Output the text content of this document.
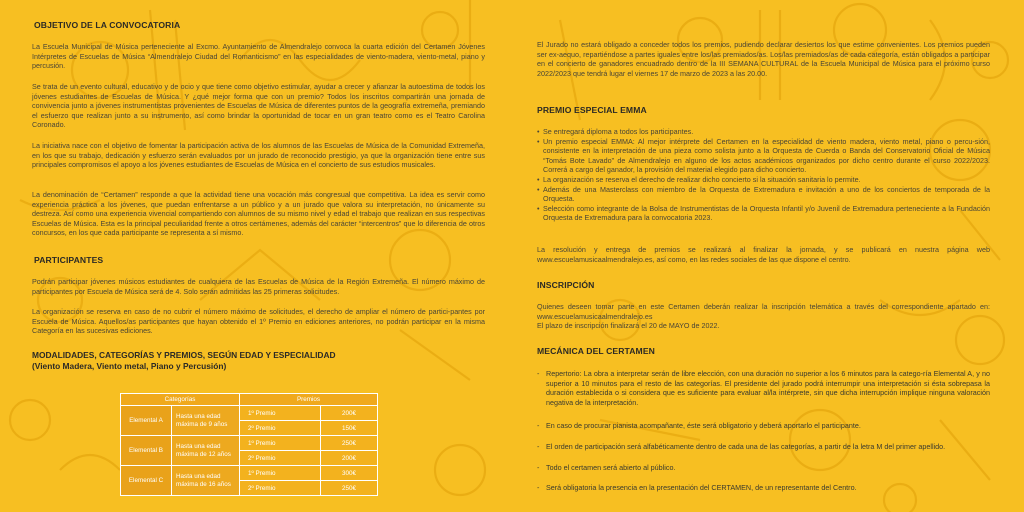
OBJETIVO DE LA CONVOCATORIA
La Escuela Municipal de Música perteneciente al Excmo. Ayuntamiento de Almendralejo convoca la cuarta edición del Certamen Jóvenes Intérpretes de Escuelas de Música “Almendralejo Ciudad del Romanticismo” en las especialidades de viento-madera, viento-metal, piano y percusión.
Se trata de un evento cultural, educativo y de ocio y que tiene como objetivo estimular, ayudar a crecer y afianzar la autoestima de todos los jóvenes estudiantes de Escuelas de Música. Y ¿qué mejor forma que con un premio? Todos los inscritos compartirán una jornada de convivencia junto a jóvenes instrumentistas provenientes de Escuelas de Música de diferentes puntos de la geografía extremeña, premiando el esfuerzo que realizan junto a su instrumento, así como brindar la oportunidad de tocar en un gran teatro como es el Teatro Carolina Coronado.
La iniciativa nace con el objetivo de fomentar la participación activa de los alumnos de las Escuelas de Música de la Comunidad Extremeña, en los que su trabajo, dedicación y esfuerzo serán evaluados por un jurado de reconocido prestigio, ya que la organización tiene entre sus principales compromisos el apoyo a los jóvenes estudiantes de Escuelas de Música en el concierto de sus estudios musicales.
La denominación de “Certamen” responde a que la actividad tiene una vocación más congresual que competitiva. La idea es servir como experiencia práctica a los jóvenes, que puedan enfrentarse a un público y a un jurado que valora su interpretación, no únicamente su destreza. Así como una experiencia vivencial compartiendo con alumnos de su mismo nivel y edad el trabajo que realizan en sus respectivas Escuelas de Música. Esta es la principal peculiaridad frente a otros certámenes, además del carácter “intercentros” que lo diferencia de otros concursos, en los que cada participante se representa a sí mismo.
PARTICIPANTES
Podrán participar jóvenes músicos estudiantes de cualquiera de las Escuelas de Música de la Región Extremeña. El número máximo de participantes por Escuela de Música será de 4. Solo serán admitidas las 25 primeras solicitudes.
La organización se reserva en caso de no cubrir el número máximo de solicitudes, el derecho de ampliar el número de partici-pantes por Escuela de Música. Aquellos/as participantes que hayan obtenido el 1º Premio en ediciones anteriores, no podrán participar en la misma Categoría en las sucesivas ediciones.
MODALIDADES, CATEGORÍAS Y PREMIOS, SEGÚN EDAD Y ESPECIALIDAD
(Viento Madera, Viento metal, Piano y Percusión)
Categorías		Premios	
Elemental A	Hasta una edad máxima de 9 años	1º Premio	200€
		2º Premio	150€
Elemental B	Hasta una edad máxima de 12 años	1º Premio	250€
		2º Premio	200€
Elemental C	Hasta una edad máxima de 16 años	1º Premio	300€
		2º Premio	250€
El Jurado no estará obligado a conceder todos los premios, pudiendo declarar desiertos los que estime convenientes. Los premios pueden ser ex-aequo, repartiéndose a partes iguales entre los/las premiados/as. Los/las premiados/as de cada categoría, están obligados a participar en el concierto de ganadores encuadrado dentro de la III SEMANA CULTURAL de la Escuela Municipal de Música para el próximo curso 2022/2023 que tendrá lugar el viernes 17 de marzo de 2023 a las 20.00.
PREMIO ESPECIAL EMMA
• Se entregará diploma a todos los participantes.
• Un premio especial EMMA: Al mejor intérprete del Certamen en la especialidad de viento madera, viento metal, piano o percu-sión, consistente en la interpretación de una pieza como solista junto a la Orquesta de Cuerda o Banda del Conservatorio Oficial de Música “Tomás Bote Lavado” de Almendralejo en alguno de los actos académicos organizados por dicho centro durante el curso 2022/2023. Correrá a cargo del ganador, la provisión del material elegido para dicho concierto.
• La organización se reserva el derecho de realizar dicho concierto si la situación sanitaria lo permite.
• Además de una Masterclass con miembro de la Orquesta de Extremadura e invitación a uno de los conciertos de temporada de la Orquesta.
• Selección como integrante de la Bolsa de Instrumentistas de la Orquesta Infantil y/o Juvenil de Extremadura perteneciente a la Fundación Orquesta de Extremadura para la convocatoria 2023.
La resolución y entrega de premios se realizará al finalizar la jornada, y se publicará en nuestra página web www.escuelamusicaalmendralejo.es, así como, en las redes sociales de las que dispone el centro.
INSCRIPCIÓN
Quienes deseen tomar parte en este Certamen deberán realizar la inscripción telemática a través del correspondiente apartado en: www.escuelamusicaalmendralejo.es
El plazo de inscripción finalizará el 20 de MAYO de 2022.
MECÁNICA DEL CERTAMEN
- Repertorio: La obra a interpretar serán de libre elección, con una duración no superior a los 6 minutos para la catego-ría Elemental A, y no superior a 10 minutos para el resto de las categorías. El presidente del jurado podrá interrumpir una interpretación si ésta sobrepasa la duración establecida o si considera que es suficiente para evaluar al/la intérprete, sin que dicha interrupción implique ninguna valoración negativa de la interpretación.
- En caso de procurar pianista acompañante, éste será obligatorio y deberá aportarlo el participante.
- El orden de participación será alfabéticamente dentro de cada una de las categorías, a partir de la letra M del primer apellido.
- Todo el certamen será abierto al público.
- Será obligatoria la presencia en la presentación del CERTAMEN, de un representante del Centro.
